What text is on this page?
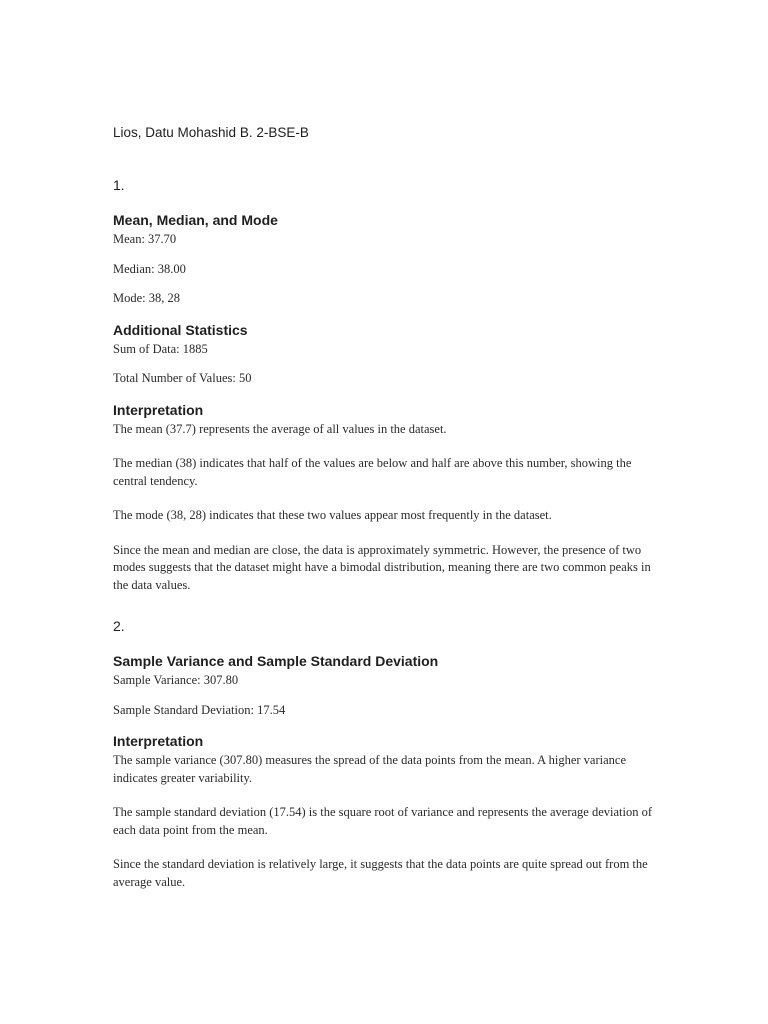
Lios, Datu Mohashid B. 2-BSE-B
1.
Mean, Median, and Mode

Mean: 37.70

Median: 38.00

Mode: 38, 28

Additional Statistics

Sum of Data: 1885

Total Number of Values: 50

Interpretation

The mean (37.7) represents the average of all values in the dataset.

The median (38) indicates that half of the values are below and half are above this number, showing the central tendency.

The mode (38, 28) indicates that these two values appear most frequently in the dataset.

Since the mean and median are close, the data is approximately symmetric. However, the presence of two modes suggests that the dataset might have a bimodal distribution, meaning there are two common peaks in the data values.

2.
Sample Variance and Sample Standard Deviation

Sample Variance: 307.80

Sample Standard Deviation: 17.54

Interpretation

The sample variance (307.80) measures the spread of the data points from the mean. A higher variance indicates greater variability.

The sample standard deviation (17.54) is the square root of variance and represents the average deviation of each data point from the mean.

Since the standard deviation is relatively large, it suggests that the data points are quite spread out from the average value.
